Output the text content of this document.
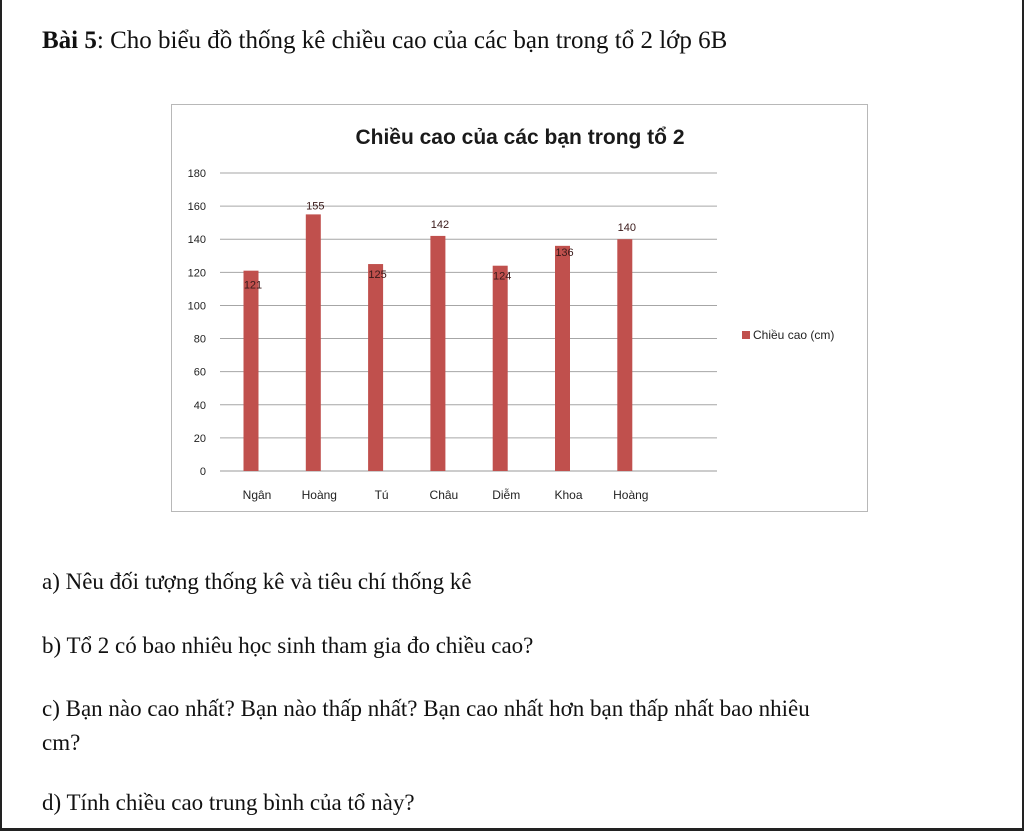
Bài 5: Cho biểu đồ thống kê chiều cao của các bạn trong tổ 2 lớp 6B
Chiều cao của các bạn trong tổ 2
0
20
40
60
80
100
120
140
160
180
121
155
125
142
124
136
140
Ngân	Hoàng	Tú	Châu	Diễm	Khoa	Hoàng
Chiều cao (cm)
a) Nêu đối tượng thống kê và tiêu chí thống kê
b) Tổ 2 có bao nhiêu học sinh tham gia đo chiều cao?
c) Bạn nào cao nhất? Bạn nào thấp nhất? Bạn cao nhất hơn bạn thấp nhất bao nhiêu
cm?
d) Tính chiều cao trung bình của tổ này?
